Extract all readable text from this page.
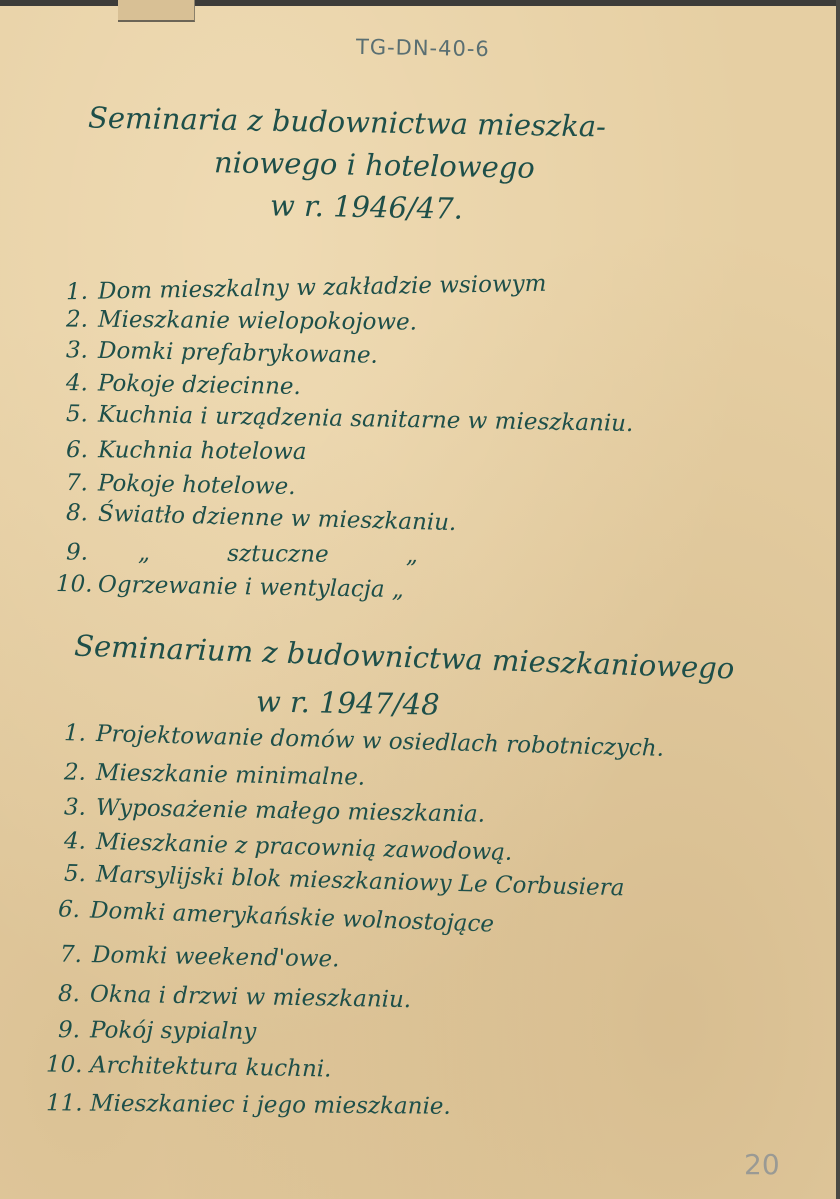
TG-DN-40-6
Seminaria z budownictwa mieszka-
niowego i hotelowego
w r. 1946/47.
1. Dom mieszkalny w zakładzie wsiowym
2. Mieszkanie wielopokojowe.
3. Domki prefabrykowane.
4. Pokoje dziecinne.
5. Kuchnia i urządzenia sanitarne w mieszkaniu.
6. Kuchnia hotelowa
7. Pokoje hotelowe.
8. Światło dzienne w mieszkaniu.
9. „ sztuczne „
10. Ogrzewanie i wentylacja „
Seminarium z budownictwa mieszkaniowego
w r. 1947/48
1. Projektowanie domów w osiedlach robotniczych.
2. Mieszkanie minimalne.
3. Wyposażenie małego mieszkania.
4. Mieszkanie z pracownią zawodową.
5. Marsylijski blok mieszkaniowy Le Corbusiera
6. Domki amerykańskie wolnostojące
7. Domki weekend'owe.
8. Okna i drzwi w mieszkaniu.
9. Pokój sypialny
10. Architektura kuchni.
11. Mieszkaniec i jego mieszkanie.
20
